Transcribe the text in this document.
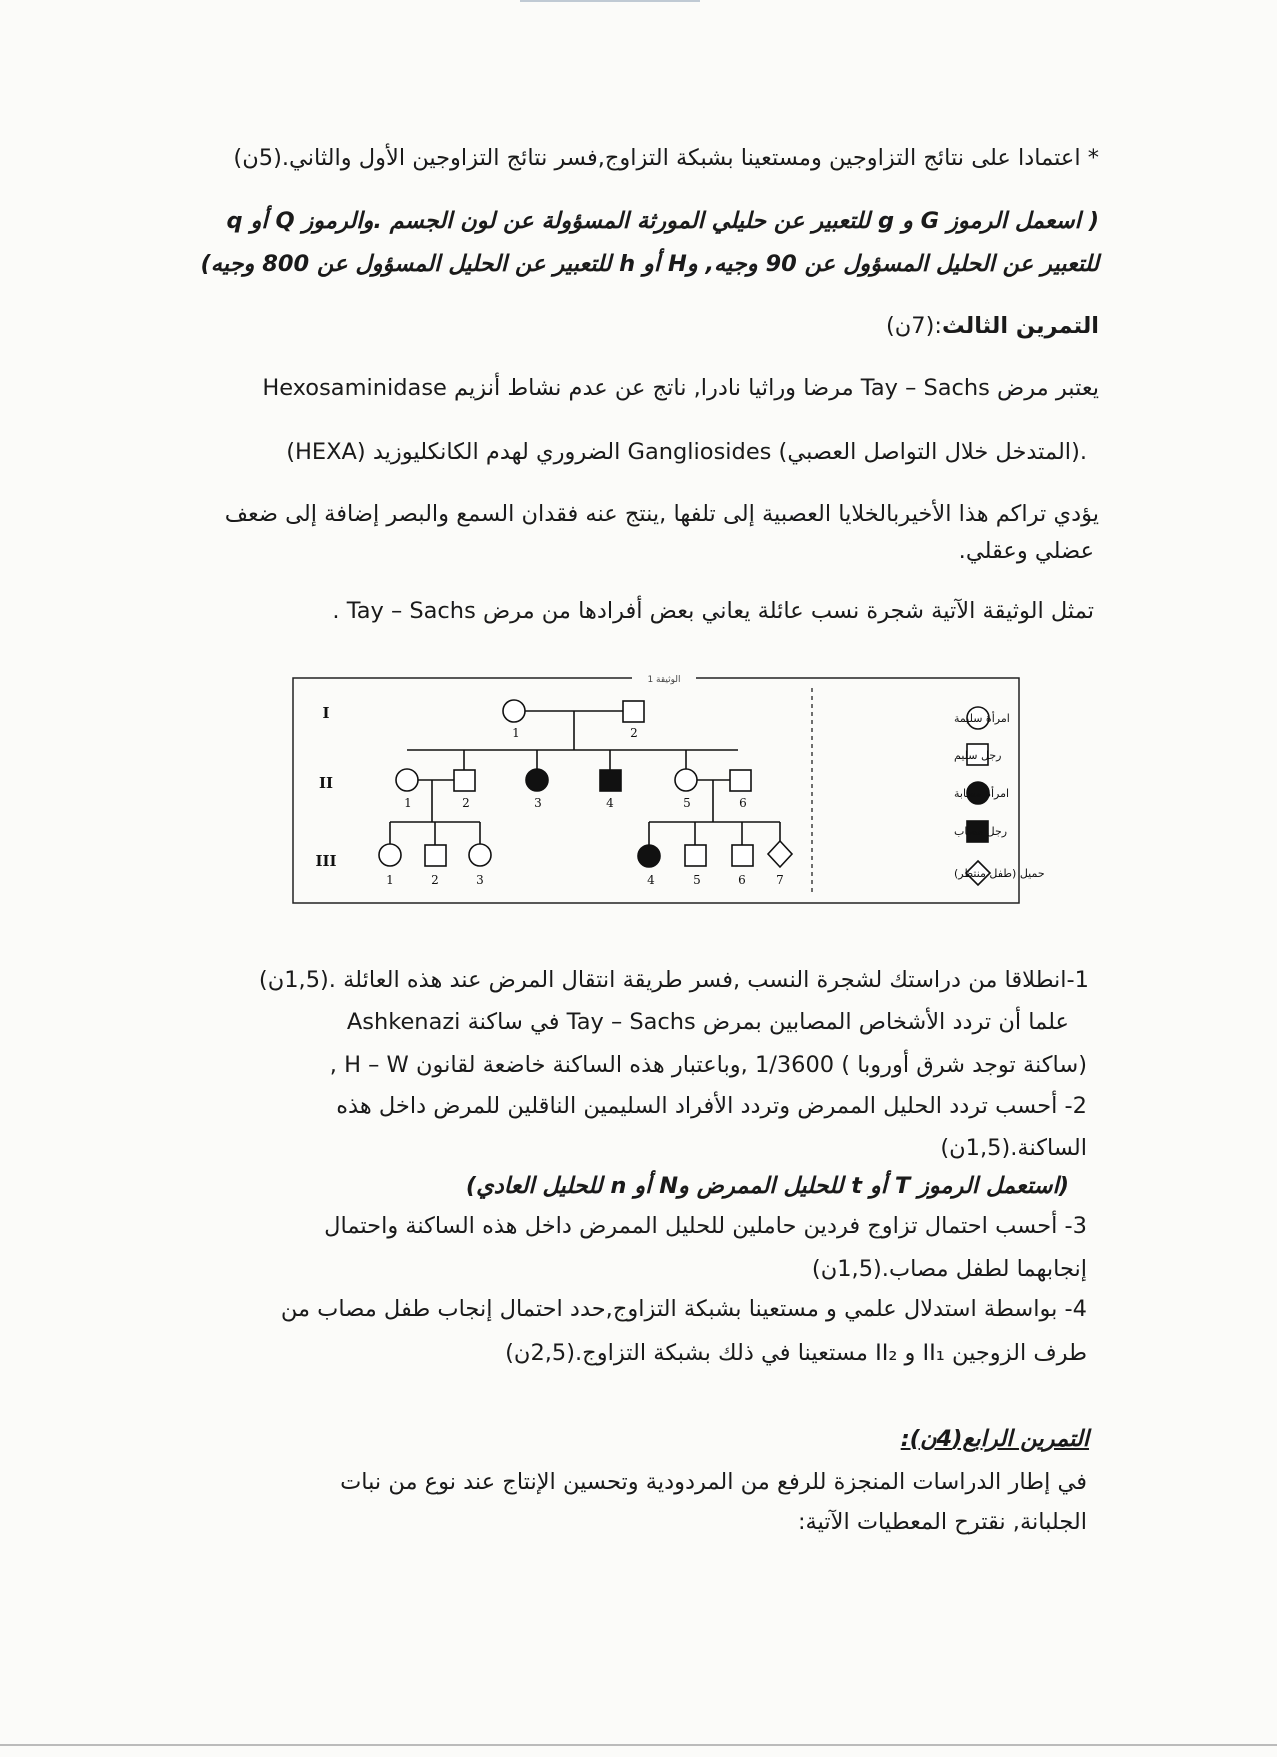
* اعتمادا على نتائج التزاوجين ومستعينا بشبكة التزاوج,فسر نتائج التزاوجين الأول والثاني.(5ن)
( اسعمل الرموز G و g للتعبير عن حليلي المورثة المسؤولة عن لون الجسم .والرموز Q أو q
للتعبير عن الحليل المسؤول عن 90 وجيه, وH أو h للتعبير عن الحليل المسؤول عن 800 وجيه)
التمرين الثالث:(7ن)
يعتبر مرض Tay – Sachs مرضا وراثيا نادرا, ناتج عن عدم نشاط أنزيم Hexosaminidase
(HEXA) الضروري لهدم الكانكليوزيد Gangliosides (المتدخل خلال التواصل العصبي).
يؤدي تراكم هذا الأخيربالخلايا العصبية إلى تلفها ,ينتج عنه فقدان السمع والبصر إضافة إلى ضعف
عضلي وعقلي.
تمثل الوثيقة الآتية شجرة نسب عائلة يعاني بعض أفرادها من مرض Tay – Sachs .
الوثيقة 1
I
II
III
1	2
1	2	3	4	5	6
1	2	3	4	5	6	7
امرأة سليمة
رجل سليم
امرأة مصابة
رجل مصاب
حميل (طفل منتظر)
1-انطلاقا من دراستك لشجرة النسب ,فسر طريقة انتقال المرض عند هذه العائلة .(1,5ن)
علما أن تردد الأشخاص المصابين بمرض Tay – Sachs في ساكنة Ashkenazi
(ساكنة توجد شرق أوروبا ) 1/3600 ,وباعتبار هذه الساكنة خاضعة لقانون H – W ,
2- أحسب تردد الحليل الممرض وتردد الأفراد السليمين الناقلين للمرض داخل هذه
الساكنة.(1,5ن)
(استعمل الرموز T أو t للحليل الممرض وN أو n للحليل العادي)
3- أحسب احتمال تزاوج فردين حاملين للحليل الممرض داخل هذه الساكنة واحتمال
إنجابهما لطفل مصاب.(1,5ن)
4- بواسطة استدلال علمي و مستعينا بشبكة التزاوج,حدد احتمال إنجاب طفل مصاب من
طرف الزوجين II₁ و II₂ مستعينا في ذلك بشبكة التزاوج.(2,5ن)
التمرين الرابع(4ن):
في إطار الدراسات المنجزة للرفع من المردودية وتحسين الإنتاج عند نوع من نبات
الجلبانة, نقترح المعطيات الآتية:
